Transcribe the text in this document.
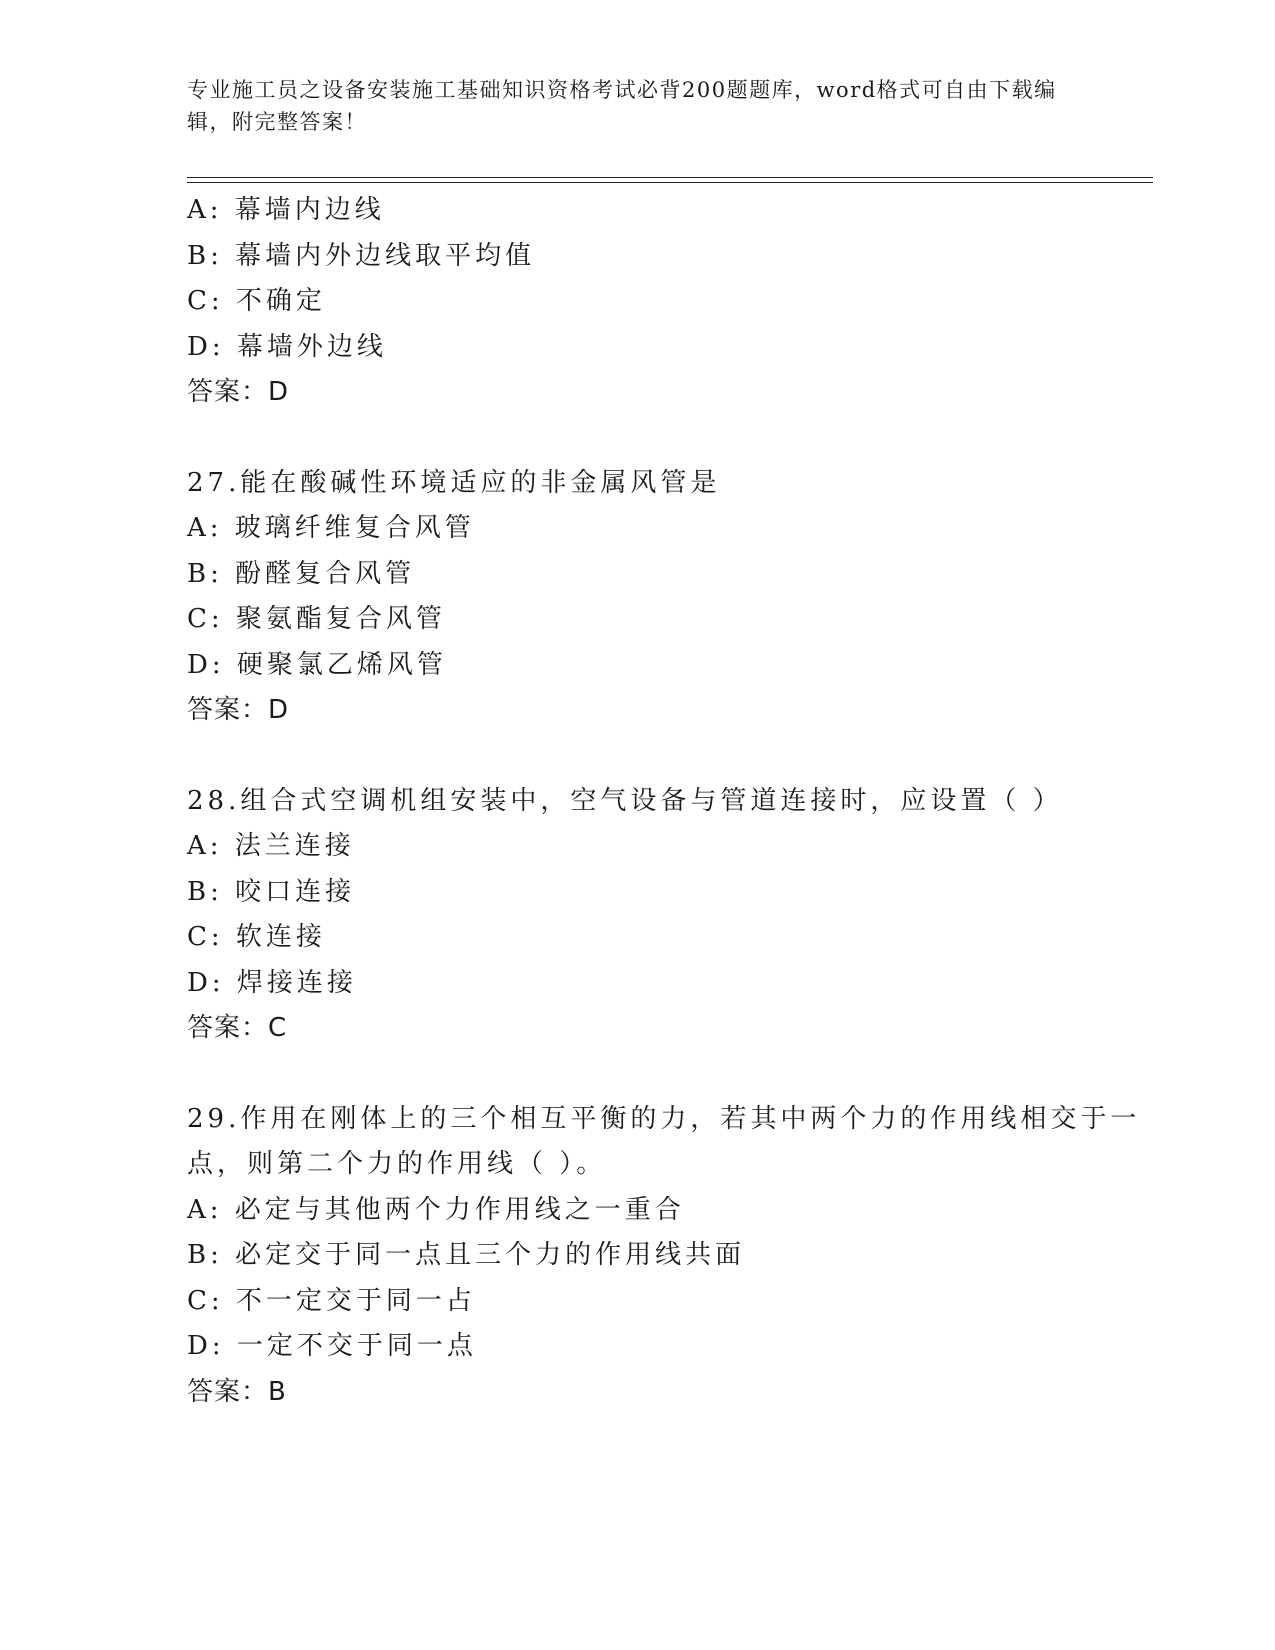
专业施工员之设备安装施工基础知识资格考试必背200题题库，word格式可自由下载编辑，附完整答案！
A: 幕墙内边线
B: 幕墙内外边线取平均值
C: 不确定
D: 幕墙外边线
答案：D
27.能在酸碱性环境适应的非金属风管是
A: 玻璃纤维复合风管
B: 酚醛复合风管
C: 聚氨酯复合风管
D: 硬聚氯乙烯风管
答案：D
28.组合式空调机组安装中，空气设备与管道连接时，应设置（ ）
A: 法兰连接
B: 咬口连接
C: 软连接
D: 焊接连接
答案：C
29.作用在刚体上的三个相互平衡的力，若其中两个力的作用线相交于一点，则第二个力的作用线（ ）。
A: 必定与其他两个力作用线之一重合
B: 必定交于同一点且三个力的作用线共面
C: 不一定交于同一占
D: 一定不交于同一点
答案：B
